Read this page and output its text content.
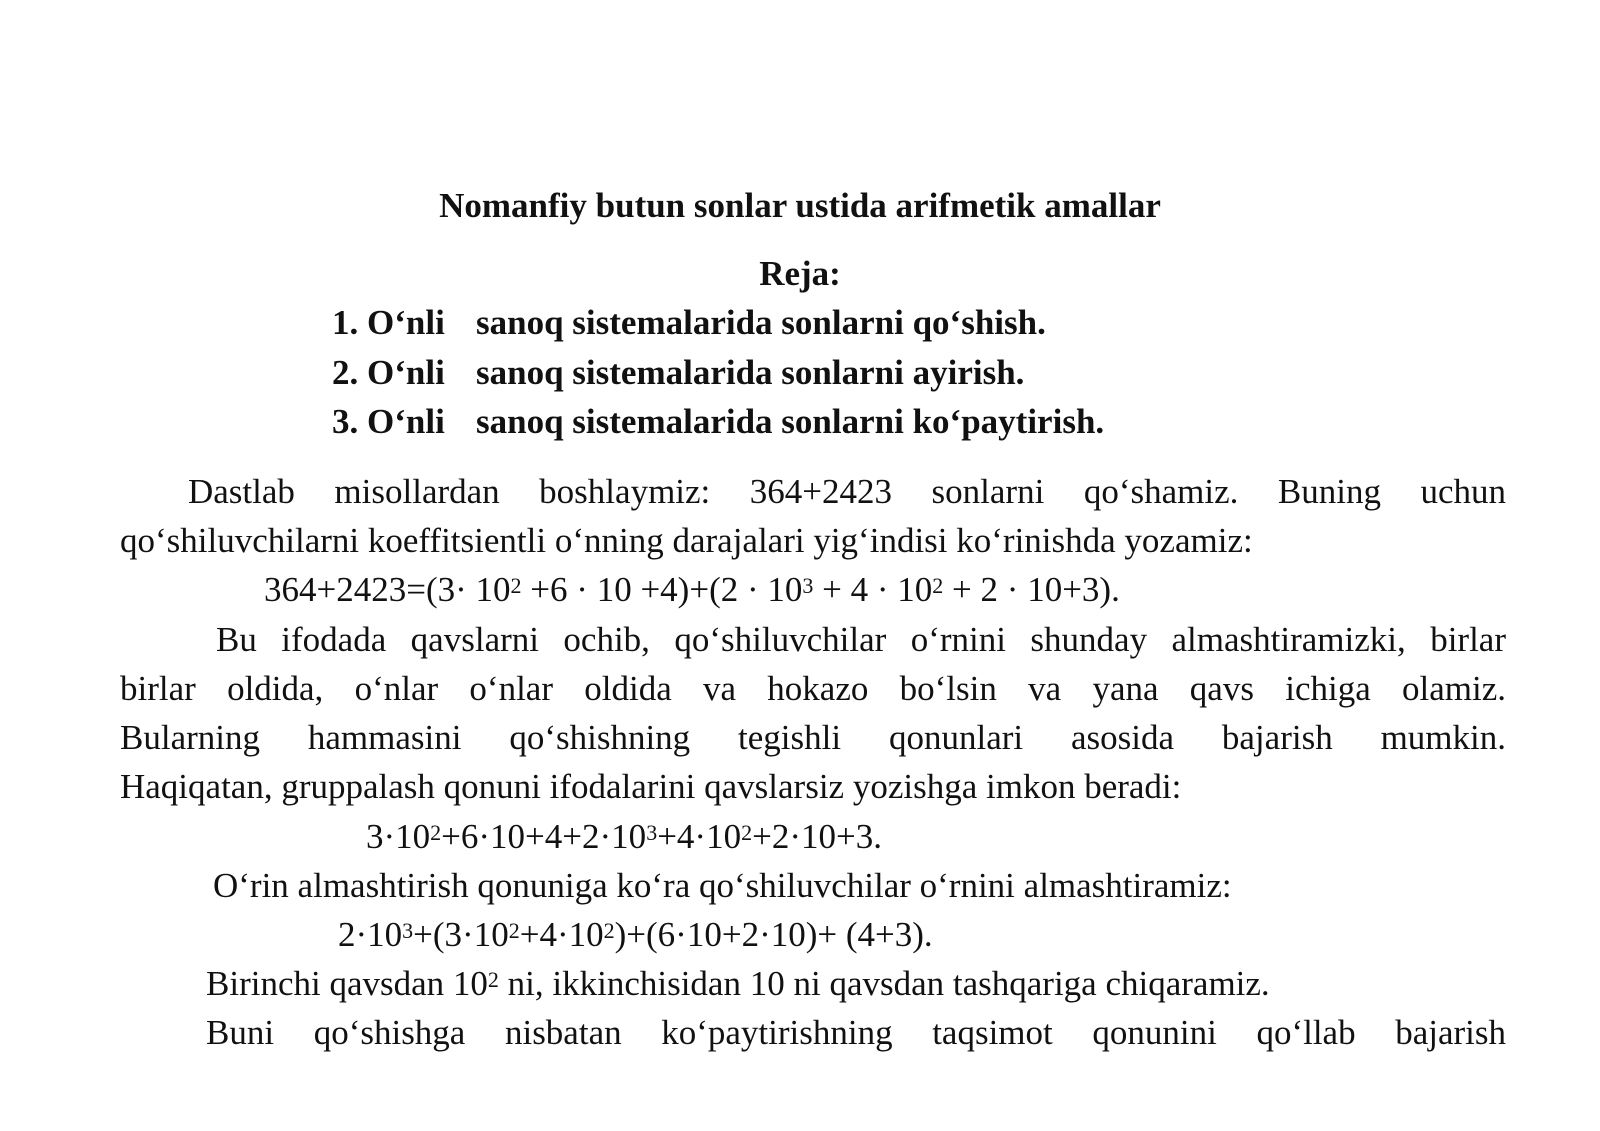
Nomanfiy butun sonlar ustida arifmetik amallar
Reja:
1. O‘nli sanoq sistemalarida sonlarni qo‘shish.
2. O‘nli sanoq sistemalarida sonlarni ayirish.
3. O‘nli sanoq sistemalarida sonlarni ko‘paytirish.
Dastlab misollardan boshlaymiz: 364+2423 sonlarni qo‘shamiz. Buning uchun
qo‘shiluvchilarni koeffitsientli o‘nning darajalari yig‘indisi ko‘rinishda yozamiz:
$364+2423=(3\cdot 10^2 +6 \cdot 10 +4)+(2 \cdot 10^3 + 4 \cdot 10^2 + 2 \cdot 10+3)$.
Bu ifodada qavslarni ochib, qo‘shiluvchilar o‘rnini shunday almashtiramizki, birlar
birlar oldida, o‘nlar o‘nlar oldida va hokazo bo‘lsin va yana qavs ichiga olamiz.
Bularning hammasini qo‘shishning tegishli qonunlari asosida bajarish mumkin.
Haqiqatan, gruppalash qonuni ifodalarini qavslarsiz yozishga imkon beradi:
$3\cdot 10^2+6\cdot 10+4+2\cdot 10^3+4\cdot 10^2+2\cdot 10+3$.
O‘rin almashtirish qonuniga ko‘ra qo‘shiluvchilar o‘rnini almashtiramiz:
$2\cdot 10^3+(3\cdot 10^2+4\cdot 10^2)+(6\cdot 10+2\cdot 10)+ (4+3)$.
Birinchi qavsdan $10^2$ ni, ikkinchisidan 10 ni qavsdan tashqariga chiqaramiz.
Buni qo‘shishga nisbatan ko‘paytirishning taqsimot qonunini qo‘llab bajarish
